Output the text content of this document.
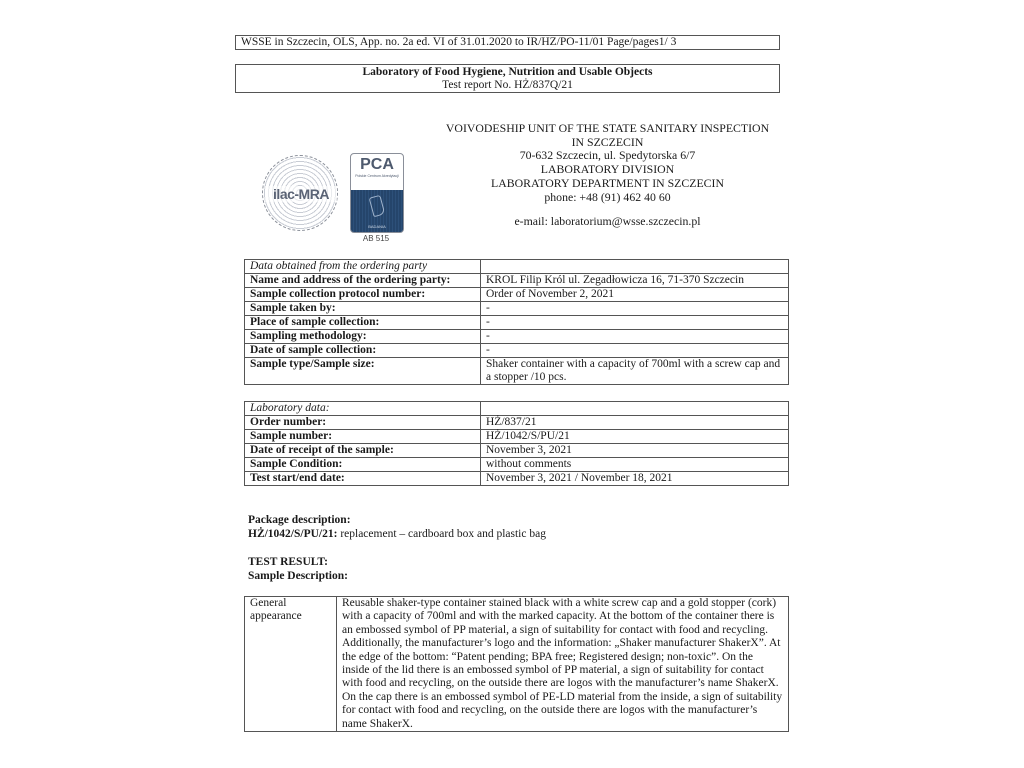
WSSE in Szczecin, OLS, App. no. 2a ed. VI of 31.01.2020 to IR/HZ/PO-11/01 Page/pages1/ 3
Laboratory of Food Hygiene, Nutrition and Usable Objects
Test report No. HŻ/837Q/21
ilac-MRA
PCA
Polskie Centrum Akredytacji
BADANIA
AB 515
VOIVODESHIP UNIT OF THE STATE SANITARY INSPECTION
IN SZCZECIN
70-632 Szczecin, ul. Spedytorska 6/7
LABORATORY DIVISION
LABORATORY DEPARTMENT IN SZCZECIN
phone: +48 (91) 462 40 60
e-mail: laboratorium@wsse.szczecin.pl
Data obtained from the ordering party	
Name and address of the ordering party:	KROL Filip Król ul. Zegadłowicza 16, 71-370 Szczecin
Sample collection protocol number:	Order of November 2, 2021
Sample taken by:	-
Place of sample collection:	-
Sampling methodology:	-
Date of sample collection:	-
Sample type/Sample size:	Shaker container with a capacity of 700ml with a screw cap and a stopper /10 pcs.
Laboratory data:	
Order number:	HŻ/837/21
Sample number:	HŻ/1042/S/PU/21
Date of receipt of the sample:	November 3, 2021
Sample Condition:	without comments
Test start/end date:	November 3, 2021 / November 18, 2021
Package description:
HŻ/1042/S/PU/21: replacement – cardboard box and plastic bag
TEST RESULT:
Sample Description:
General appearance	Reusable shaker-type container stained black with a white screw cap and a gold stopper (cork) with a capacity of 700ml and with the marked capacity. At the bottom of the container there is an embossed symbol of PP material, a sign of suitability for contact with food and recycling. Additionally, the manufacturer’s logo and the information: „Shaker manufacturer ShakerX”. At the edge of the bottom: “Patent pending; BPA free; Registered design; non-toxic”. On the inside of the lid there is an embossed symbol of PP material, a sign of suitability for contact with food and recycling, on the outside there are logos with the manufacturer’s name ShakerX. On the cap there is an embossed symbol of PE-LD material from the inside, a sign of suitability for contact with food and recycling, on the outside there are logos with the manufacturer’s name ShakerX.
